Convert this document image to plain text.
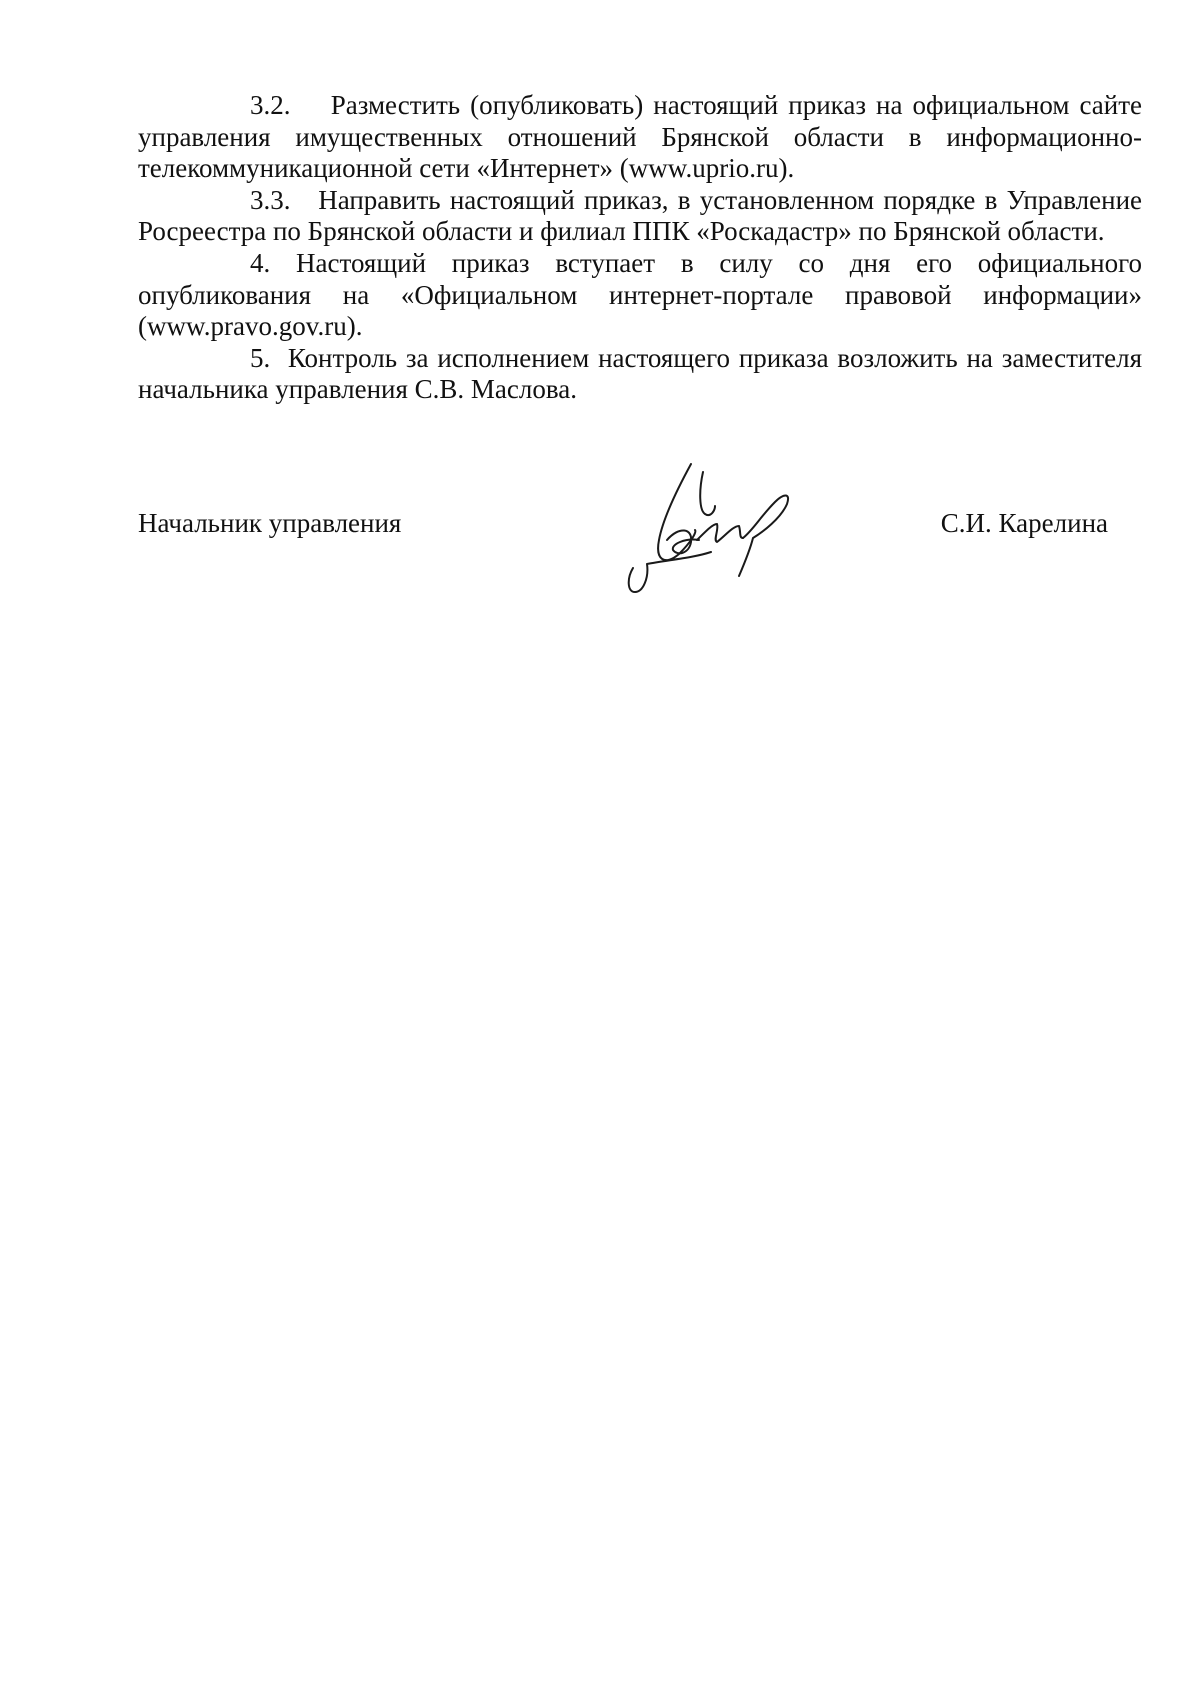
3.2. Разместить (опубликовать) настоящий приказ на официальном сайте управления имущественных отношений Брянской области в информационно-телекоммуникационной сети «Интернет» (www.uprio.ru).

3.3. Направить настоящий приказ, в установленном порядке в Управление Росреестра по Брянской области и филиал ППК «Роскадастр» по Брянской области.

4. Настоящий приказ вступает в силу со дня его официального опубликования на «Официальном интернет-портале правовой информации» (www.pravo.gov.ru).

5. Контроль за исполнением настоящего приказа возложить на заместителя начальника управления С.В. Маслова.

Начальник управления	С.И. Карелина
